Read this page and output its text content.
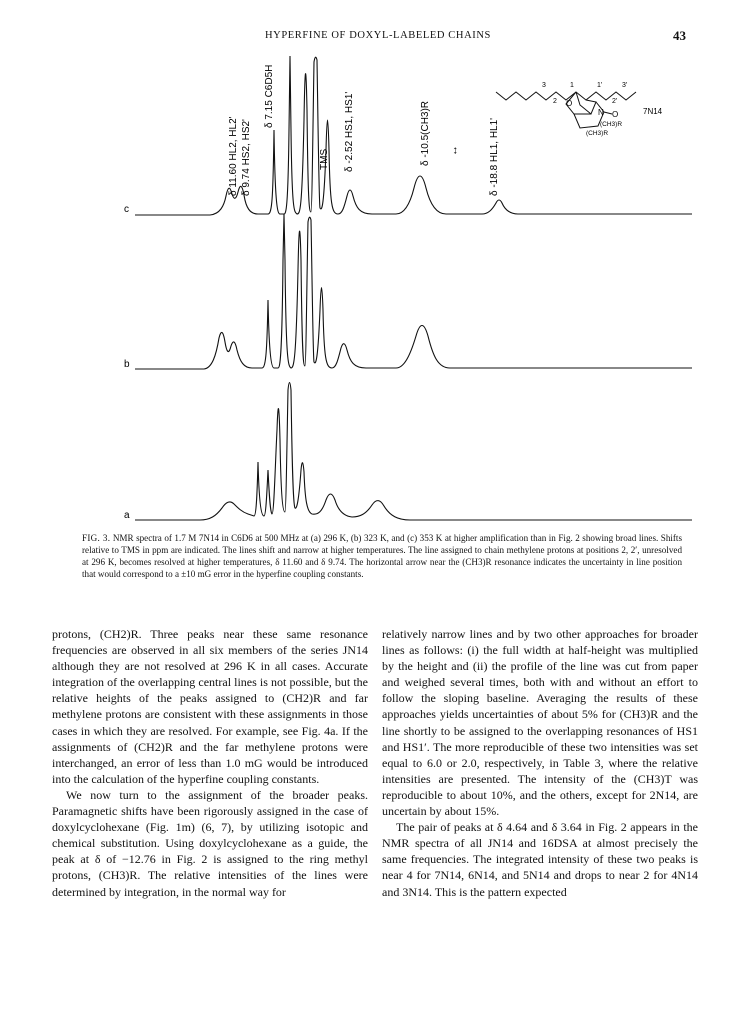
HYPERFINE OF DOXYL-LABELED CHAINS	43
δ 11.60 HL2, HL2' δ 9.74 HS2, HS2'
δ 7.15 C6D5H
TMS δ -2.52 HS1, HS1'	δ -10.5(CH3)R	δ -18.8 HL1, HL1'
↔
c
b
a
3	1	1'	3'
2	2'
O
N O	7N14
(CH3)R
(CH3)R
FIG. 3. NMR spectra of 1.7 M 7N14 in C6D6 at 500 MHz at (a) 296 K, (b) 323 K, and (c) 353 K at higher amplification than in Fig. 2 showing broad lines. Shifts relative to TMS in ppm are indicated. The lines shift and narrow at higher temperatures. The line assigned to chain methylene protons at positions 2, 2′, unresolved at 296 K, becomes resolved at higher temperatures, δ 11.60 and δ 9.74. The horizontal arrow near the (CH3)R resonance indicates the uncertainty in line position that would correspond to a ±10 mG error in the hyperfine coupling constants.

protons, (CH2)R. Three peaks near these same resonance frequencies are observed in all six members of the series JN14 although they are not resolved at 296 K in all cases. Accurate integration of the overlapping central lines is not possible, but the relative heights of the peaks assigned to (CH2)R and far methylene protons are consistent with these assignments in those cases in which they are resolved. For example, see Fig. 4a. If the assignments of (CH2)R and the far methylene protons were interchanged, an error of less than 1.0 mG would be introduced into the calculation of the hyperfine coupling constants.

We now turn to the assignment of the broader peaks. Paramagnetic shifts have been rigorously assigned in the case of doxylcyclohexane (Fig. 1m) (6, 7), by utilizing isotopic and chemical substitution. Using doxylcyclohexane as a guide, the peak at δ of −12.76 in Fig. 2 is assigned to the ring methyl protons, (CH3)R. The relative intensities of the lines were determined by integration, in the normal way for

relatively narrow lines and by two other approaches for broader lines as follows: (i) the full width at half-height was multiplied by the height and (ii) the profile of the line was cut from paper and weighed several times, both with and without an effort to follow the sloping baseline. Averaging the results of these approaches yields uncertainties of about 5% for (CH3)R and the line shortly to be assigned to the overlapping resonances of HS1 and HS1′. The more reproducible of these two intensities was set equal to 6.0 or 2.0, respectively, in Table 3, where the relative intensities are presented. The intensity of the (CH3)T was reproducible to about 10%, and the others, except for 2N14, are uncertain by about 15%.

The pair of peaks at δ 4.64 and δ 3.64 in Fig. 2 appears in the NMR spectra of all JN14 and 16DSA at almost precisely the same frequencies. The integrated intensity of these two peaks is near 4 for 7N14, 6N14, and 5N14 and drops to near 2 for 4N14 and 3N14. This is the pattern expected
